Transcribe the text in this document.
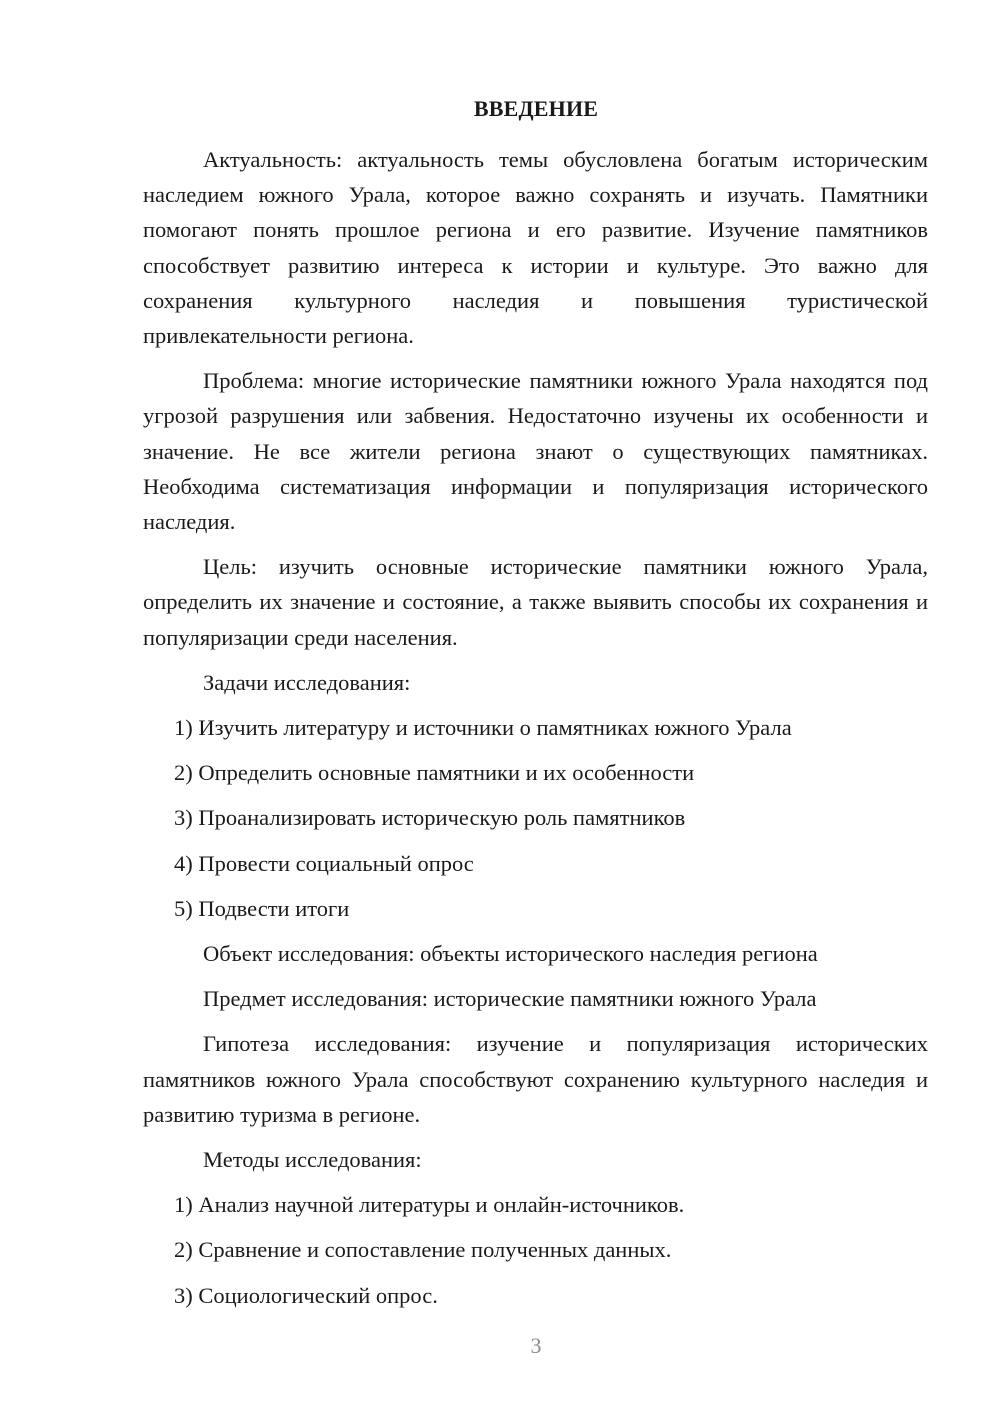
ВВЕДЕНИЕ

Актуальность: актуальность темы обусловлена богатым историческим наследием южного Урала, которое важно сохранять и изучать. Памятники помогают понять прошлое региона и его развитие. Изучение памятников способствует развитию интереса к истории и культуре. Это важно для сохранения культурного наследия и повышения туристической привлекательности региона.

Проблема: многие исторические памятники южного Урала находятся под угрозой разрушения или забвения. Недостаточно изучены их особенности и значение. Не все жители региона знают о существующих памятниках. Необходима систематизация информации и популяризация исторического наследия.

Цель: изучить основные исторические памятники южного Урала, определить их значение и состояние, а также выявить способы их сохранения и популяризации среди населения.

Задачи исследования:

1) Изучить литературу и источники о памятниках южного Урала

2) Определить основные памятники и их особенности

3) Проанализировать историческую роль памятников

4) Провести социальный опрос

5) Подвести итоги

Объект исследования: объекты исторического наследия региона

Предмет исследования: исторические памятники южного Урала

Гипотеза исследования: изучение и популяризация исторических памятников южного Урала способствуют сохранению культурного наследия и развитию туризма в регионе.

Методы исследования:

1) Анализ научной литературы и онлайн-источников.

2) Сравнение и сопоставление полученных данных.

3) Социологический опрос.

3
